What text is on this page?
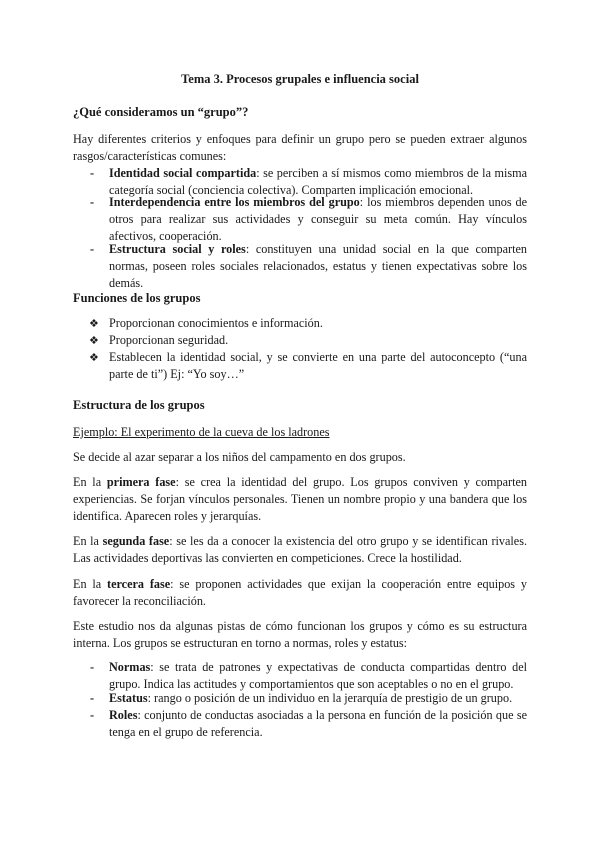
Tema 3. Procesos grupales e influencia social
¿Qué consideramos un “grupo”?
Hay diferentes criterios y enfoques para definir un grupo pero se pueden extraer algunos rasgos/características comunes:
- Identidad social compartida: se perciben a sí mismos como miembros de la misma categoría social (conciencia colectiva). Comparten implicación emocional.
- Interdependencia entre los miembros del grupo: los miembros dependen unos de otros para realizar sus actividades y conseguir su meta común. Hay vínculos afectivos, cooperación.
- Estructura social y roles: constituyen una unidad social en la que comparten normas, poseen roles sociales relacionados, estatus y tienen expectativas sobre los demás.
Funciones de los grupos
❖ Proporcionan conocimientos e información.
❖ Proporcionan seguridad.
❖ Establecen la identidad social, y se convierte en una parte del autoconcepto (“una parte de ti”) Ej: “Yo soy…”
Estructura de los grupos
Ejemplo: El experimento de la cueva de los ladrones
Se decide al azar separar a los niños del campamento en dos grupos.
En la primera fase: se crea la identidad del grupo. Los grupos conviven y comparten experiencias. Se forjan vínculos personales. Tienen un nombre propio y una bandera que los identifica. Aparecen roles y jerarquías.
En la segunda fase: se les da a conocer la existencia del otro grupo y se identifican rivales. Las actividades deportivas las convierten en competiciones. Crece la hostilidad.
En la tercera fase: se proponen actividades que exijan la cooperación entre equipos y favorecer la reconciliación.
Este estudio nos da algunas pistas de cómo funcionan los grupos y cómo es su estructura interna. Los grupos se estructuran en torno a normas, roles y estatus:
- Normas: se trata de patrones y expectativas de conducta compartidas dentro del grupo. Indica las actitudes y comportamientos que son aceptables o no en el grupo.
- Estatus: rango o posición de un individuo en la jerarquía de prestigio de un grupo.
- Roles: conjunto de conductas asociadas a la persona en función de la posición que se tenga en el grupo de referencia.
